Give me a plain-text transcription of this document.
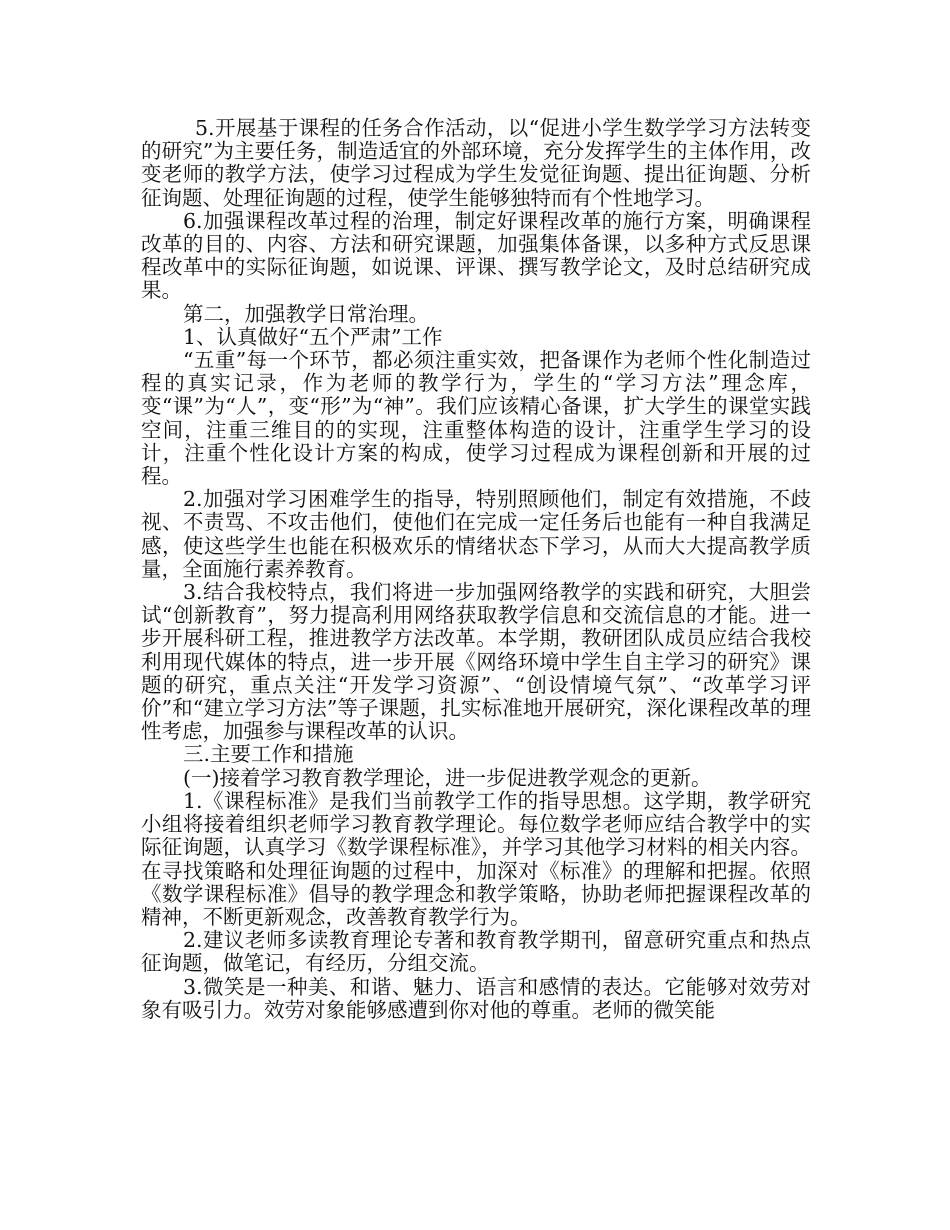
5.开展基于课程的任务合作活动，以“促进小学生数学学习方法转变的研究”为主要任务，制造适宜的外部环境，充分发挥学生的主体作用，改变老师的教学方法，使学习过程成为学生发觉征询题、提出征询题、分析征询题、处理征询题的过程，使学生能够独特而有个性地学习。

6.加强课程改革过程的治理，制定好课程改革的施行方案，明确课程改革的目的、内容、方法和研究课题，加强集体备课，以多种方式反思课程改革中的实际征询题，如说课、评课、撰写教学论文，及时总结研究成果。

第二，加强教学日常治理。

1、认真做好“五个严肃”工作

“五重”每一个环节，都必须注重实效，把备课作为老师个性化制造过程的真实记录，作为老师的教学行为，学生的“学习方法”理念库，变“课”为“人”，变“形”为“神”。我们应该精心备课，扩大学生的课堂实践空间，注重三维目的的实现，注重整体构造的设计，注重学生学习的设计，注重个性化设计方案的构成，使学习过程成为课程创新和开展的过程。

2.加强对学习困难学生的指导，特别照顾他们，制定有效措施，不歧视、不责骂、不攻击他们，使他们在完成一定任务后也能有一种自我满足感，使这些学生也能在积极欢乐的情绪状态下学习，从而大大提高教学质量，全面施行素养教育。

3.结合我校特点，我们将进一步加强网络教学的实践和研究，大胆尝试“创新教育”，努力提高利用网络获取教学信息和交流信息的才能。进一步开展科研工程，推进教学方法改革。本学期，教研团队成员应结合我校利用现代媒体的特点，进一步开展《网络环境中学生自主学习的研究》课题的研究，重点关注“开发学习资源”、“创设情境气氛”、“改革学习评价”和“建立学习方法”等子课题，扎实标准地开展研究，深化课程改革的理性考虑，加强参与课程改革的认识。

三.主要工作和措施

(一)接着学习教育教学理论，进一步促进教学观念的更新。

1.《课程标准》是我们当前教学工作的指导思想。这学期，教学研究小组将接着组织老师学习教育教学理论。每位数学老师应结合教学中的实际征询题，认真学习《数学课程标准》，并学习其他学习材料的相关内容。在寻找策略和处理征询题的过程中，加深对《标准》的理解和把握。依照《数学课程标准》倡导的教学理念和教学策略，协助老师把握课程改革的精神，不断更新观念，改善教育教学行为。

2.建议老师多读教育理论专著和教育教学期刊，留意研究重点和热点征询题，做笔记，有经历，分组交流。

3.微笑是一种美、和谐、魅力、语言和感情的表达。它能够对效劳对象有吸引力。效劳对象能够感遭到你对他的尊重。老师的微笑能
